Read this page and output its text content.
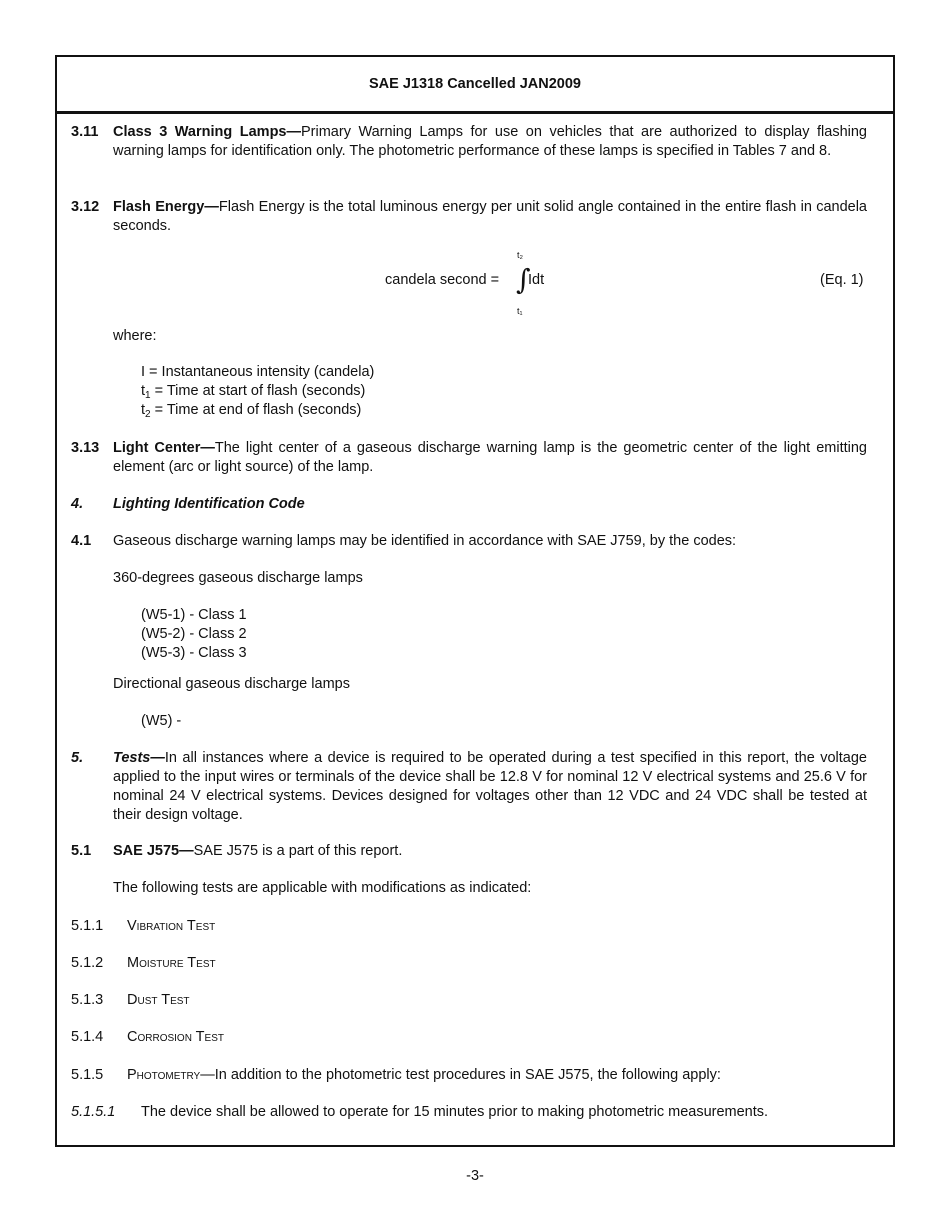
SAE J1318 Cancelled JAN2009
3.11 Class 3 Warning Lamps—Primary Warning Lamps for use on vehicles that are authorized to display flashing warning lamps for identification only. The photometric performance of these lamps is specified in Tables 7 and 8.
3.12 Flash Energy—Flash Energy is the total luminous energy per unit solid angle contained in the entire flash in candela seconds.
candela second =
t₂
∫
Idt
t₁
(Eq. 1)
where:
I = Instantaneous intensity (candela)
$t_1$ = Time at start of flash (seconds)
$t_2$ = Time at end of flash (seconds)
3.13 Light Center—The light center of a gaseous discharge warning lamp is the geometric center of the light emitting element (arc or light source) of the lamp.
4. Lighting Identification Code
4.1 Gaseous discharge warning lamps may be identified in accordance with SAE J759, by the codes:
360-degrees gaseous discharge lamps
(W5-1) - Class 1
(W5-2) - Class 2
(W5-3) - Class 3
Directional gaseous discharge lamps
(W5) -
5. Tests—In all instances where a device is required to be operated during a test specified in this report, the voltage applied to the input wires or terminals of the device shall be 12.8 V for nominal 12 V electrical systems and 25.6 V for nominal 24 V electrical systems. Devices designed for voltages other than 12 VDC and 24 VDC shall be tested at their design voltage.
5.1 SAE J575—SAE J575 is a part of this report.
The following tests are applicable with modifications as indicated:
5.1.1 Vibration Test
5.1.2 Moisture Test
5.1.3 Dust Test
5.1.4 Corrosion Test
5.1.5 Photometry—In addition to the photometric test procedures in SAE J575, the following apply:
5.1.5.1 The device shall be allowed to operate for 15 minutes prior to making photometric measurements.
-3-
